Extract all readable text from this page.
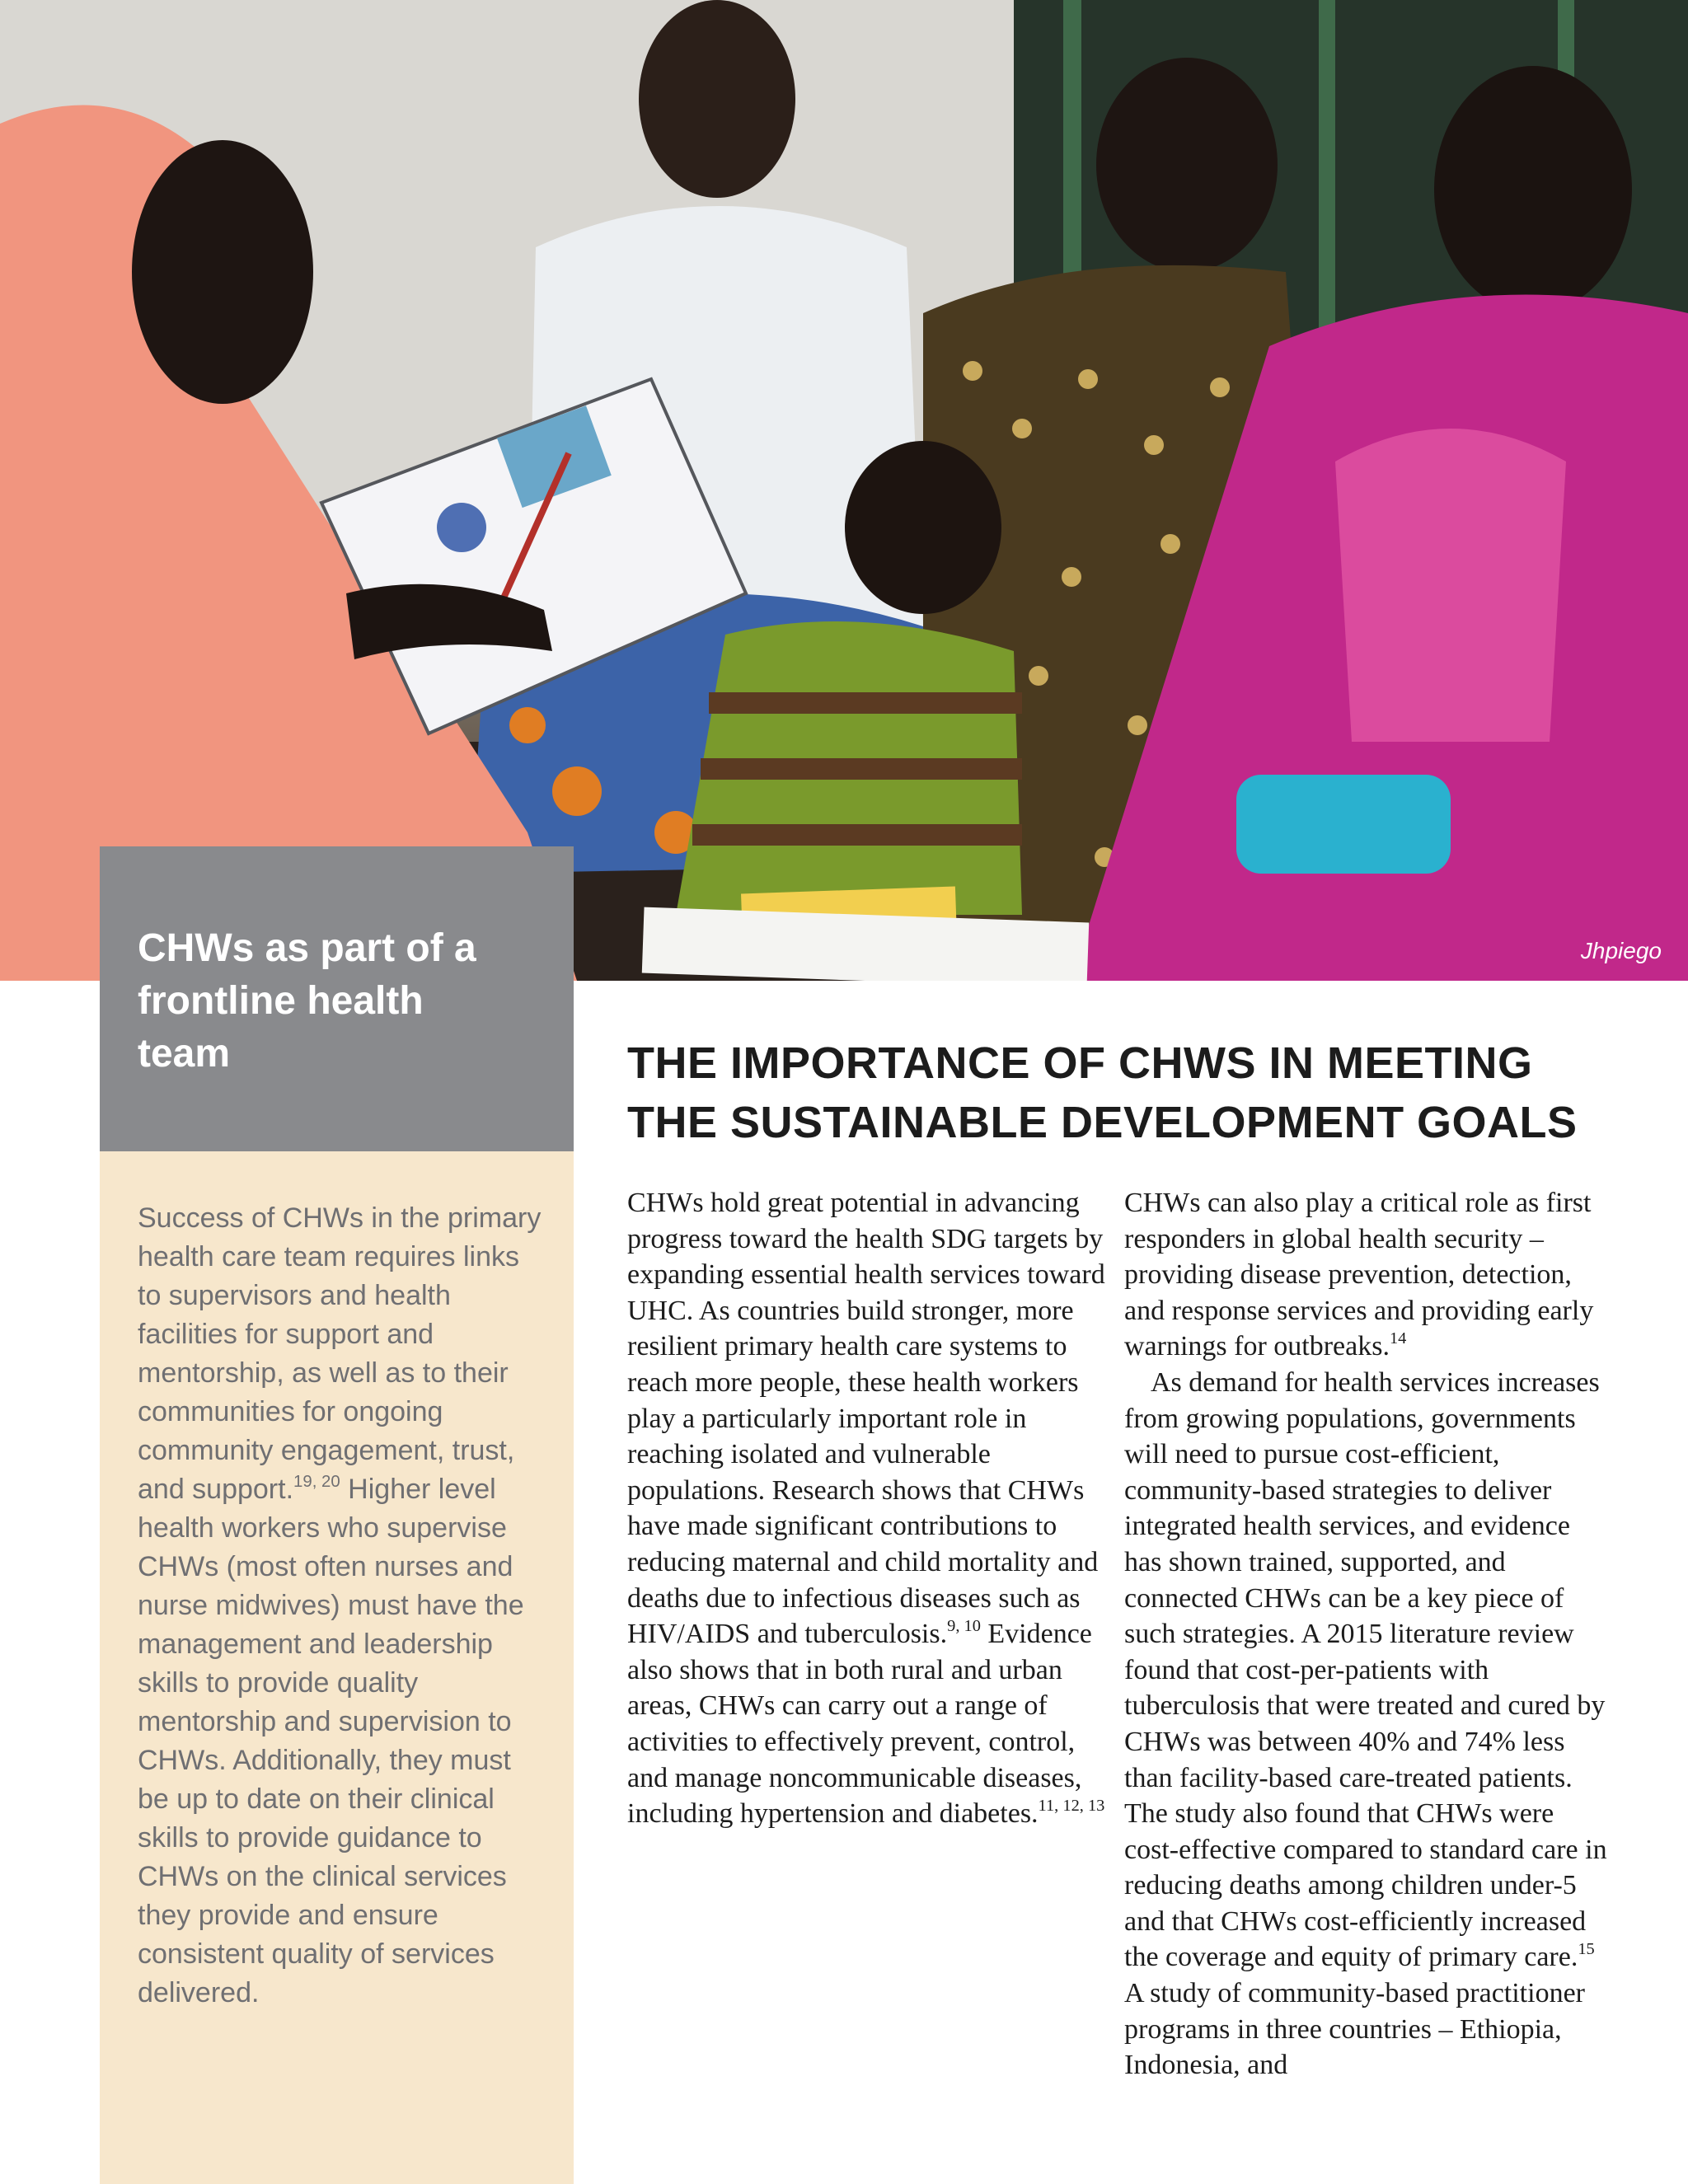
Jhpiego
CHWs as part of a frontline health team

Success of CHWs in the primary health care team requires links to supervisors and health facilities for support and mentorship, as well as to their communities for ongoing community engagement, trust, and support.$^{19, 20}$ Higher level health workers who supervise CHWs (most often nurses and nurse midwives) must have the management and leadership skills to provide quality mentorship and supervision to CHWs. Additionally, they must be up to date on their clinical skills to provide guidance to CHWs on the clinical services they provide and ensure consistent quality of services delivered.

THE IMPORTANCE OF CHWS IN MEETING
THE SUSTAINABLE DEVELOPMENT GOALS

CHWs hold great potential in advancing progress toward the health SDG targets by expanding essential health services toward UHC. As countries build stronger, more resilient primary health care systems to reach more people, these health workers play a particularly important role in reaching isolated and vulnerable populations. Research shows that CHWs have made significant contributions to reducing maternal and child mortality and deaths due to infectious diseases such as HIV/AIDS and tuberculosis.$^{9, 10}$ Evidence also shows that in both rural and urban areas, CHWs can carry out a range of activities to effectively prevent, control, and manage noncommunicable diseases, including hypertension and diabetes.$^{11, 12, 13}$

CHWs can also play a critical role as first responders in global health security – providing disease prevention, detection, and response services and providing early warnings for outbreaks.$^{14}$

As demand for health services increases from growing populations, governments will need to pursue cost-efficient, community-based strategies to deliver integrated health services, and evidence has shown trained, supported, and connected CHWs can be a key piece of such strategies. A 2015 literature review found that cost-per-patients with tuberculosis that were treated and cured by CHWs was between 40% and 74% less than facility-based care-treated patients. The study also found that CHWs were cost-effective compared to standard care in reducing deaths among children under-5 and that CHWs cost-efficiently increased the coverage and equity of primary care.$^{15}$ A study of community-based practitioner programs in three countries – Ethiopia, Indonesia, and
